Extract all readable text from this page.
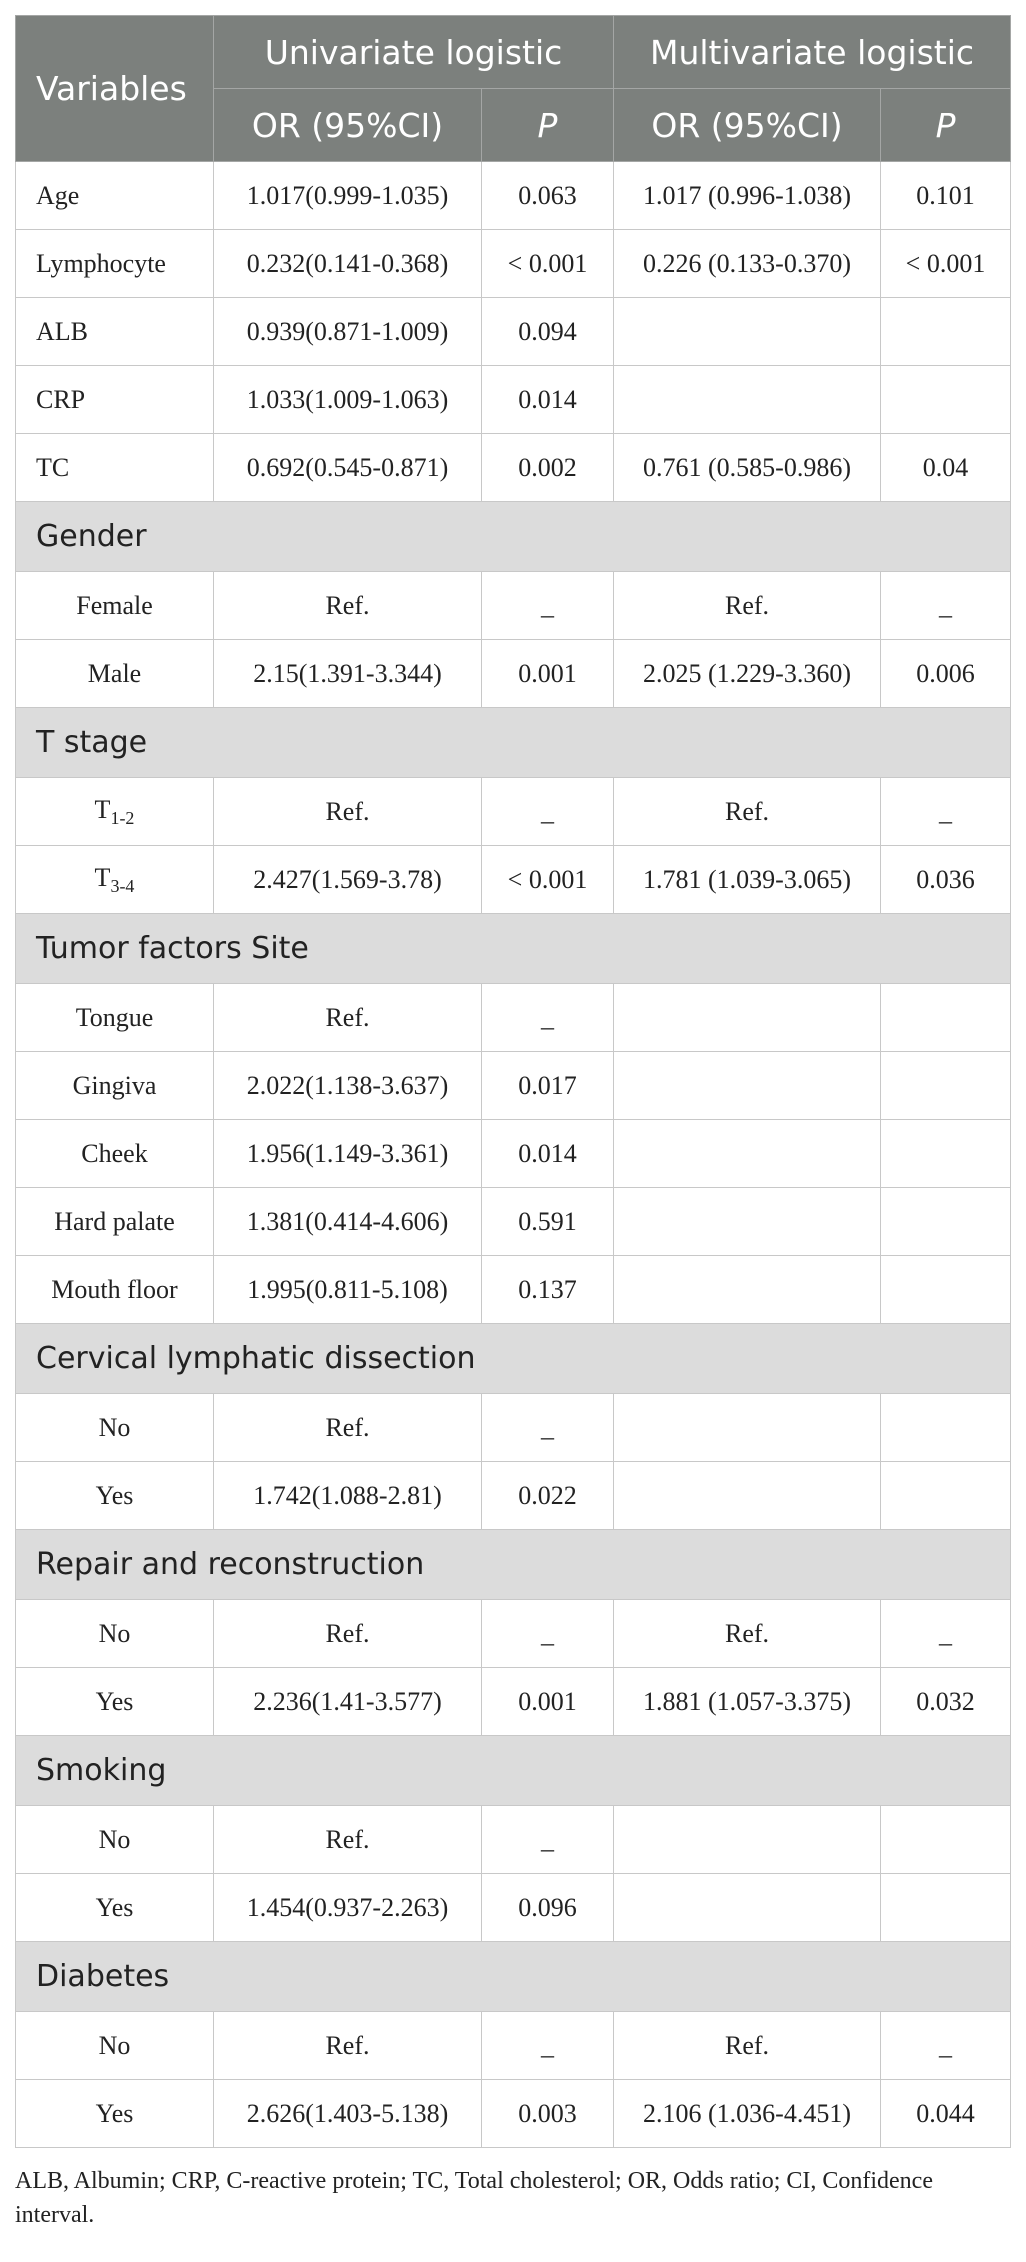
Variables	Univariate logistic		Multivariate logistic	
	OR (95%CI)	P	OR (95%CI)	P
Age	1.017(0.999-1.035)	0.063	1.017 (0.996-1.038)	0.101
Lymphocyte	0.232(0.141-0.368)	< 0.001	0.226 (0.133-0.370)	< 0.001
ALB	0.939(0.871-1.009)	0.094		
CRP	1.033(1.009-1.063)	0.014		
TC	0.692(0.545-0.871)	0.002	0.761 (0.585-0.986)	0.04
Gender				
Female	Ref.	_	Ref.	_
Male	2.15(1.391-3.344)	0.001	2.025 (1.229-3.360)	0.006
T stage				
$T_{1-2}$	Ref.	_	Ref.	_
$T_{3-4}$	2.427(1.569-3.78)	< 0.001	1.781 (1.039-3.065)	0.036
Tumor factors Site				
Tongue	Ref.	_		
Gingiva	2.022(1.138-3.637)	0.017		
Cheek	1.956(1.149-3.361)	0.014		
Hard palate	1.381(0.414-4.606)	0.591		
Mouth floor	1.995(0.811-5.108)	0.137		
Cervical lymphatic dissection				
No	Ref.	_		
Yes	1.742(1.088-2.81)	0.022		
Repair and reconstruction				
No	Ref.	_	Ref.	_
Yes	2.236(1.41-3.577)	0.001	1.881 (1.057-3.375)	0.032
Smoking				
No	Ref.	_		
Yes	1.454(0.937-2.263)	0.096		
Diabetes				
No	Ref.	_	Ref.	_
Yes	2.626(1.403-5.138)	0.003	2.106 (1.036-4.451)	0.044
ALB, Albumin; CRP, C-reactive protein; TC, Total cholesterol; OR, Odds ratio; CI, Confidence interval.
